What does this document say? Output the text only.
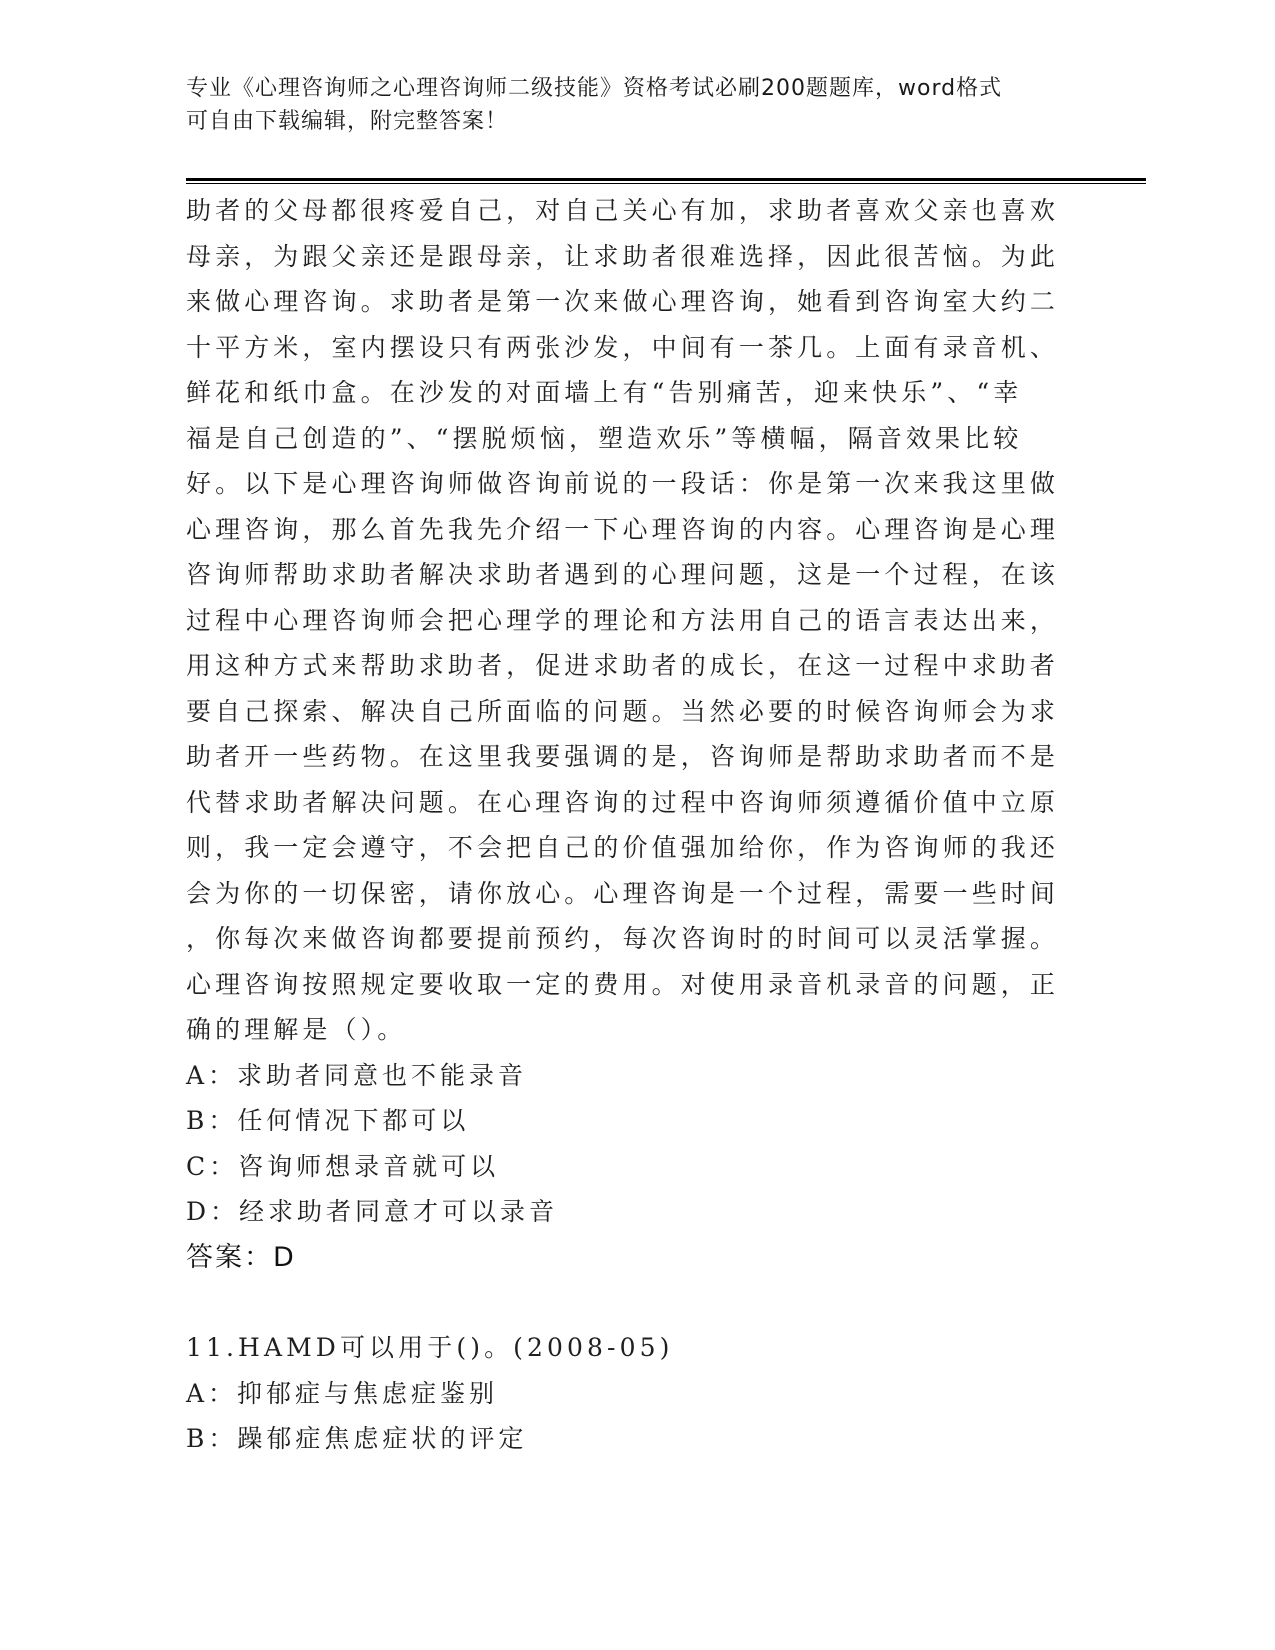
专业《心理咨询师之心理咨询师二级技能》资格考试必刷200题题库，word格式
可自由下载编辑，附完整答案！
助者的父母都很疼爱自己，对自己关心有加，求助者喜欢父亲也喜欢
母亲，为跟父亲还是跟母亲，让求助者很难选择，因此很苦恼。为此
来做心理咨询。求助者是第一次来做心理咨询，她看到咨询室大约二
十平方米，室内摆设只有两张沙发，中间有一茶几。上面有录音机、
鲜花和纸巾盒。在沙发的对面墙上有“告别痛苦，迎来快乐”、“幸
福是自己创造的”、“摆脱烦恼，塑造欢乐”等横幅，隔音效果比较
好。以下是心理咨询师做咨询前说的一段话：你是第一次来我这里做
心理咨询，那么首先我先介绍一下心理咨询的内容。心理咨询是心理
咨询师帮助求助者解决求助者遇到的心理问题，这是一个过程，在该
过程中心理咨询师会把心理学的理论和方法用自己的语言表达出来，
用这种方式来帮助求助者，促进求助者的成长，在这一过程中求助者
要自己探索、解决自己所面临的问题。当然必要的时候咨询师会为求
助者开一些药物。在这里我要强调的是，咨询师是帮助求助者而不是
代替求助者解决问题。在心理咨询的过程中咨询师须遵循价值中立原
则，我一定会遵守，不会把自己的价值强加给你，作为咨询师的我还
会为你的一切保密，请你放心。心理咨询是一个过程，需要一些时间
，你每次来做咨询都要提前预约，每次咨询时的时间可以灵活掌握。
心理咨询按照规定要收取一定的费用。对使用录音机录音的问题，正
确的理解是（）。
A：求助者同意也不能录音
B：任何情况下都可以
C：咨询师想录音就可以
D：经求助者同意才可以录音
答案：D
11.HAMD可以用于()。(2008-05)
A：抑郁症与焦虑症鉴别
B：躁郁症焦虑症状的评定
